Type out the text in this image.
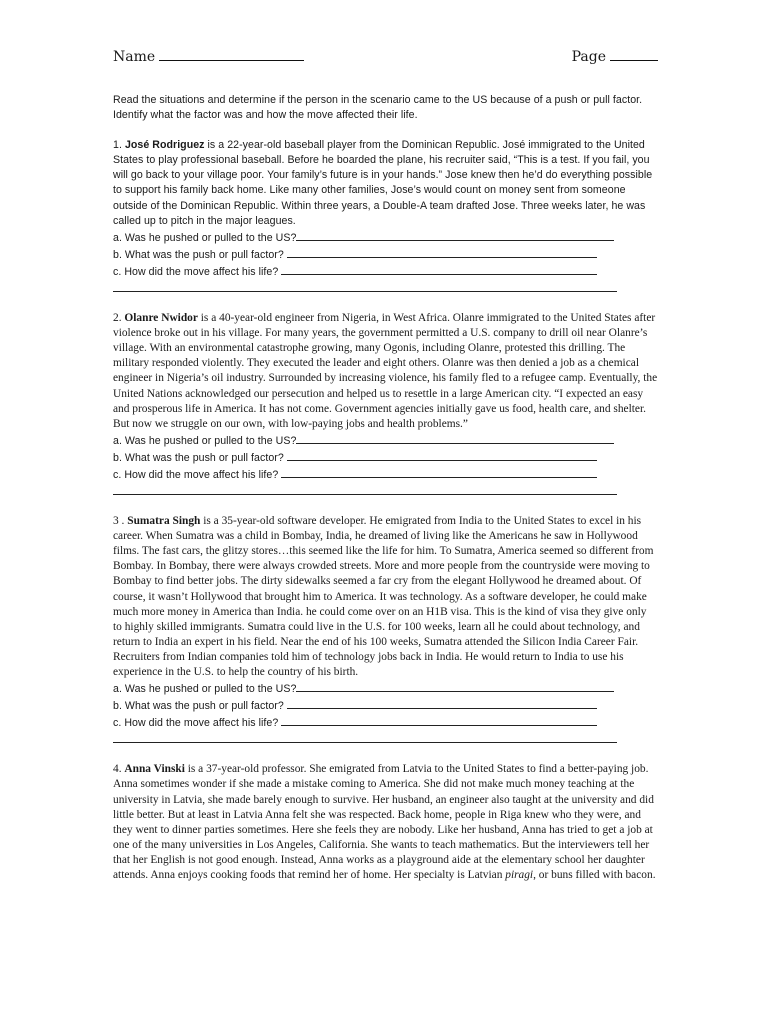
Name	Page

Read the situations and determine if the person in the scenario came to the US because of a push or pull factor. Identify what the factor was and how the move affected their life.

1. José Rodriguez is a 22-year-old baseball player from the Dominican Republic. José immigrated to the United States to play professional baseball. Before he boarded the plane, his recruiter said, “This is a test. If you fail, you will go back to your village poor. Your family’s future is in your hands.” Jose knew then he’d do everything possible to support his family back home. Like many other families, Jose’s would count on money sent from someone outside of the Dominican Republic. Within three years, a Double-A team drafted Jose. Three weeks later, he was called up to pitch in the major leagues.

a. Was he pushed or pulled to the US?

b. What was the push or pull factor?

c. How did the move affect his life?

2. Olanre Nwidor is a 40-year-old engineer from Nigeria, in West Africa. Olanre immigrated to the United States after violence broke out in his village. For many years, the government permitted a U.S. company to drill oil near Olanre’s village. With an environmental catastrophe growing, many Ogonis, including Olanre, protested this drilling. The military responded violently. They executed the leader and eight others. Olanre was then denied a job as a chemical engineer in Nigeria’s oil industry. Surrounded by increasing violence, his family fled to a refugee camp. Eventually, the United Nations acknowledged our persecution and helped us to resettle in a large American city. “I expected an easy and prosperous life in America. It has not come. Government agencies initially gave us food, health care, and shelter. But now we struggle on our own, with low-paying jobs and health problems.”

a. Was he pushed or pulled to the US?

b. What was the push or pull factor?

c. How did the move affect his life?

3 . Sumatra Singh is a 35-year-old software developer. He emigrated from India to the United States to excel in his career. When Sumatra was a child in Bombay, India, he dreamed of living like the Americans he saw in Hollywood films. The fast cars, the glitzy stores…this seemed like the life for him. To Sumatra, America seemed so different from Bombay. In Bombay, there were always crowded streets. More and more people from the countryside were moving to Bombay to find better jobs. The dirty sidewalks seemed a far cry from the elegant Hollywood he dreamed about. Of course, it wasn’t Hollywood that brought him to America. It was technology. As a software developer, he could make much more money in America than India. he could come over on an H1B visa. This is the kind of visa they give only to highly skilled immigrants. Sumatra could live in the U.S. for 100 weeks, learn all he could about technology, and return to India an expert in his field. Near the end of his 100 weeks, Sumatra attended the Silicon India Career Fair. Recruiters from Indian companies told him of technology jobs back in India. He would return to India to use his experience in the U.S. to help the country of his birth.

a. Was he pushed or pulled to the US?

b. What was the push or pull factor?

c. How did the move affect his life?

4. Anna Vinski is a 37-year-old professor. She emigrated from Latvia to the United States to find a better-paying job. Anna sometimes wonder if she made a mistake coming to America. She did not make much money teaching at the university in Latvia, she made barely enough to survive. Her husband, an engineer also taught at the university and did little better. But at least in Latvia Anna felt she was respected. Back home, people in Riga knew who they were, and they went to dinner parties sometimes. Here she feels they are nobody. Like her husband, Anna has tried to get a job at one of the many universities in Los Angeles, California. She wants to teach mathematics. But the interviewers tell her that her English is not good enough. Instead, Anna works as a playground aide at the elementary school her daughter attends. Anna enjoys cooking foods that remind her of home. Her specialty is Latvian piragi, or buns filled with bacon.
